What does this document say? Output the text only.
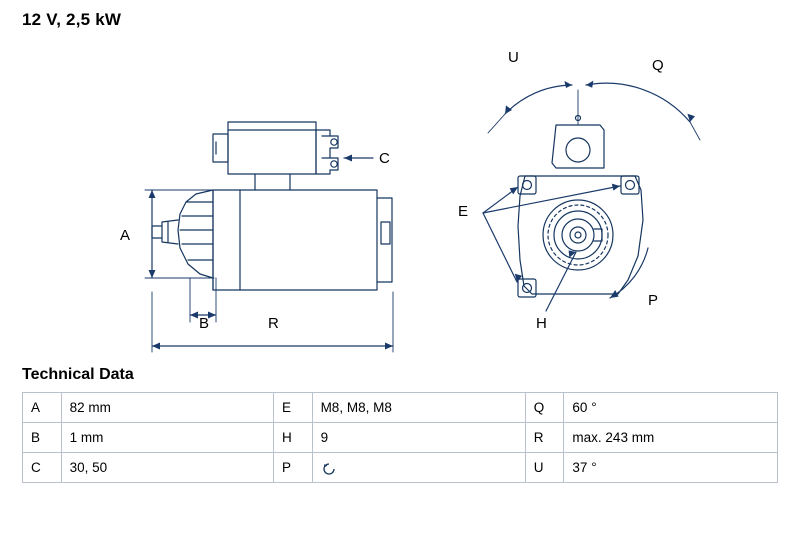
12 V, 2,5 kW
A
B
C
E
H
P
Q
R
U
Technical Data
A	82 mm	E	M8, M8, M8	Q	60 °
B	1 mm	H	9	R	max. 243 mm
C	30, 50	P		U	37 °
